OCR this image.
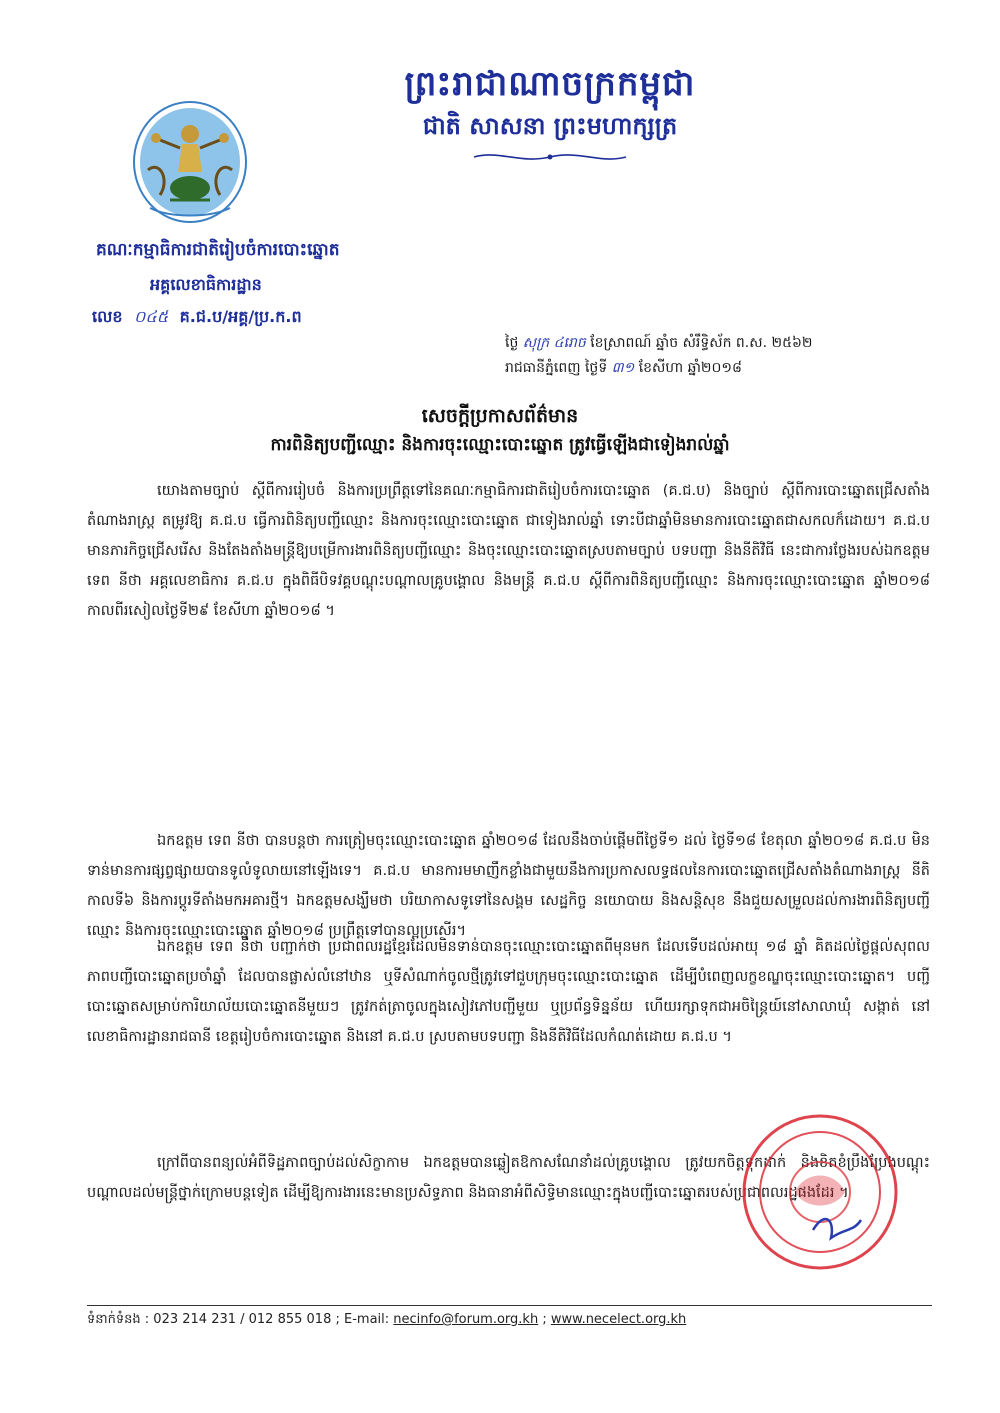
ព្រះរាជាណាចក្រកម្ពុជា
ជាតិ សាសនា ព្រះមហាក្សត្រ
គណៈកម្មាធិការជាតិរៀបចំការបោះឆ្នោត
អគ្គលេខាធិការដ្ឋាន
លេខ ០៤៥ គ.ជ.ប/អគ្គ/ប្រ.ក.ព
ថ្ងៃ សុក្រ ៤រោច ខែស្រាពណ៍ ឆ្នាំច សំរឹទ្ធិស័ក ព.ស. ២៥៦២
រាជធានីភ្នំពេញ ថ្ងៃទី ៣១ ខែសីហា ឆ្នាំ២០១៨
សេចក្ដីប្រកាសព័ត៌មាន
ការពិនិត្យបញ្ជីឈ្មោះ និងការចុះឈ្មោះបោះឆ្នោត ត្រូវធ្វើឡើងជាទៀងរាល់ឆ្នាំ
យោងតាមច្បាប់ ស្ដីពីការរៀបចំ និងការប្រព្រឹត្តទៅនៃគណៈកម្មាធិការជាតិរៀបចំការបោះឆ្នោត (គ.ជ.ប) និងច្បាប់ ស្ដីពីការបោះឆ្នោតជ្រើសតាំងតំណាងរាស្ត្រ តម្រូវឱ្យ គ.ជ.ប ធ្វើការពិនិត្យបញ្ជីឈ្មោះ និងការចុះឈ្មោះបោះឆ្នោត ជាទៀងរាល់ឆ្នាំ ទោះបីជាឆ្នាំមិនមានការបោះឆ្នោតជាសកលក៏ដោយ។ គ.ជ.ប មានភារកិច្ចជ្រើសរើស និងតែងតាំងមន្ត្រីឱ្យបម្រើការងារពិនិត្យបញ្ជីឈ្មោះ និងចុះឈ្មោះបោះឆ្នោតស្របតាមច្បាប់ បទបញ្ជា និងនីតិវិធី នេះជាការថ្លែងរបស់ឯកឧត្ដម ទេព នីថា អគ្គលេខាធិការ គ.ជ.ប ក្នុងពិធីបិទវគ្គបណ្ដុះបណ្ដាលគ្រូបង្គោល និងមន្ត្រី គ.ជ.ប ស្ដីពីការពិនិត្យបញ្ជីឈ្មោះ និងការចុះឈ្មោះបោះឆ្នោត ឆ្នាំ២០១៨ កាលពីរសៀលថ្ងៃទី២៩ ខែសីហា ឆ្នាំ២០១៨ ។
ឯកឧត្ដម ទេព នីថា បានបន្តថា ការត្រៀមចុះឈ្មោះបោះឆ្នោត ឆ្នាំ២០១៨ ដែលនឹងចាប់ផ្ដើមពីថ្ងៃទី១ ដល់ ថ្ងៃទី១៨ ខែតុលា ឆ្នាំ២០១៨ គ.ជ.ប មិនទាន់មានការផ្សព្វផ្សាយបានទូលំទូលាយនៅឡើងទេ។ គ.ជ.ប មានការមមាញឹកខ្លាំងជាមួយនឹងការប្រកាសលទ្ធផលនៃការបោះឆ្នោតជ្រើសតាំងតំណាងរាស្ត្រ នីតិកាលទី៦ និងការប្ដូរទីតាំងមកអគារថ្មី។ ឯកឧត្ដមសង្ឃឹមថា បរិយាកាសទូទៅនៃសង្គម សេដ្ឋកិច្ច នយោបាយ និងសន្តិសុខ នឹងជួយសម្រួលដល់ការងារពិនិត្យបញ្ជីឈ្មោះ និងការចុះឈ្មោះបោះឆ្នោត ឆ្នាំ២០១៨ ប្រព្រឹត្តទៅបានល្អប្រសើរ។
ឯកឧត្ដម ទេព នីថា បញ្ជាក់ថា ប្រជាពលរដ្ឋខ្មែរដែលមិនទាន់បានចុះឈ្មោះបោះឆ្នោតពីមុនមក ដែលទើបដល់អាយុ ១៨ ឆ្នាំ គិតដល់ថ្ងៃផ្ដល់សុពលភាពបញ្ជីបោះឆ្នោតប្រចាំឆ្នាំ ដែលបានផ្លាស់លំនៅឋាន ឬទីសំណាក់ចូលថ្មីត្រូវទៅជួបក្រុមចុះឈ្មោះបោះឆ្នោត ដើម្បីបំពេញលក្ខខណ្ឌចុះឈ្មោះបោះឆ្នោត។ បញ្ជីបោះឆ្នោតសម្រាប់ការិយាល័យបោះឆ្នោតនីមួយៗ ត្រូវកត់ត្រាចូលក្នុងសៀវភៅបញ្ជីមួយ ឬប្រព័ន្ធទិន្នន័យ ហើយរក្សាទុកជាអចិន្ត្រៃយ៍នៅសាលាឃុំ សង្កាត់ នៅលេខាធិការដ្ឋានរាជធានី ខេត្តរៀបចំការបោះឆ្នោត និងនៅ គ.ជ.ប ស្របតាមបទបញ្ជា និងនីតិវិធីដែលកំណត់ដោយ គ.ជ.ប ។
ក្រៅពីបានពន្យល់អំពីទិដ្ឋភាពច្បាប់ដល់សិក្ខាកាម ឯកឧត្ដមបានឆ្លៀតឱកាសណែនាំដល់គ្រូបង្គោល ត្រូវយកចិត្តទុកដាក់ និងខិតខំប្រឹងប្រែងបណ្ដុះបណ្ដាលដល់មន្ត្រីថ្នាក់ក្រោមបន្តទៀត ដើម្បីឱ្យការងារនេះមានប្រសិទ្ធភាព និងធានាអំពីសិទ្ធិមានឈ្មោះក្នុងបញ្ជីបោះឆ្នោតរបស់ប្រជាពលរដ្ឋផងដែរ ។
ទំនាក់ទំនង : 023 214 231 / 012 855 018 ; E-mail: necinfo@forum.org.kh ; www.necelect.org.kh
